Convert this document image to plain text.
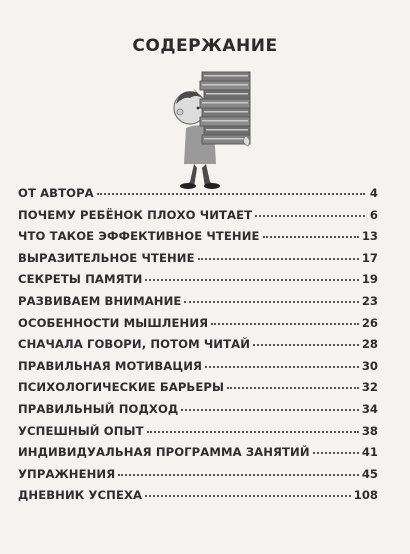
СОДЕРЖАНИЕ
ОТ АВТОРА	4
ПОЧЕМУ РЕБЁНОК ПЛОХО ЧИТАЕТ	6
ЧТО ТАКОЕ ЭФФЕКТИВНОЕ ЧТЕНИЕ	13
ВЫРАЗИТЕЛЬНОЕ ЧТЕНИЕ	17
СЕКРЕТЫ ПАМЯТИ	19
РАЗВИВАЕМ ВНИМАНИЕ	23
ОСОБЕННОСТИ МЫШЛЕНИЯ	26
СНАЧАЛА ГОВОРИ, ПОТОМ ЧИТАЙ	28
ПРАВИЛЬНАЯ МОТИВАЦИЯ	30
ПСИХОЛОГИЧЕСКИЕ БАРЬЕРЫ	32
ПРАВИЛЬНЫЙ ПОДХОД	34
УСПЕШНЫЙ ОПЫТ	38
ИНДИВИДУАЛЬНАЯ ПРОГРАММА ЗАНЯТИЙ	41
УПРАЖНЕНИЯ	45
ДНЕВНИК УСПЕХА	108
